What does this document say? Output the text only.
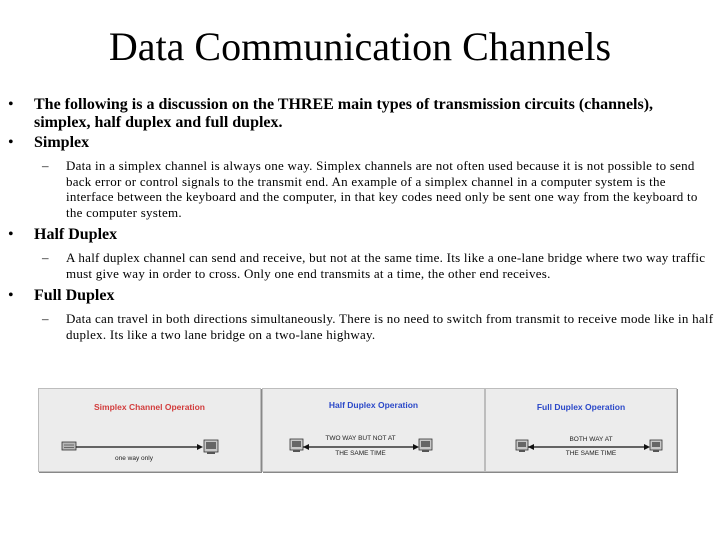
Data Communication Channels
• The following is a discussion on the THREE main types of transmission circuits (channels),
simplex, half duplex and full duplex.
• Simplex
– Data in a simplex channel is always one way. Simplex channels are not often used because it is not possible to send back error or control signals to the transmit end. An example of a simplex channel in a computer system is the interface between the keyboard and the computer, in that key codes need only be sent one way from the keyboard to the computer system.
• Half Duplex
– A half duplex channel can send and receive, but not at the same time. Its like a one-lane bridge where two way traffic must give way in order to cross. Only one end transmits at a time, the other end receives.
• Full Duplex
– Data can travel in both directions simultaneously. There is no need to switch from transmit to receive mode like in half duplex. Its like a two lane bridge on a two-lane highway.
Simplex Channel Operation
one way only
Half Duplex Operation
TWO WAY BUT NOT AT
THE SAME TIME
Full Duplex Operation
BOTH WAY AT
THE SAME TIME
